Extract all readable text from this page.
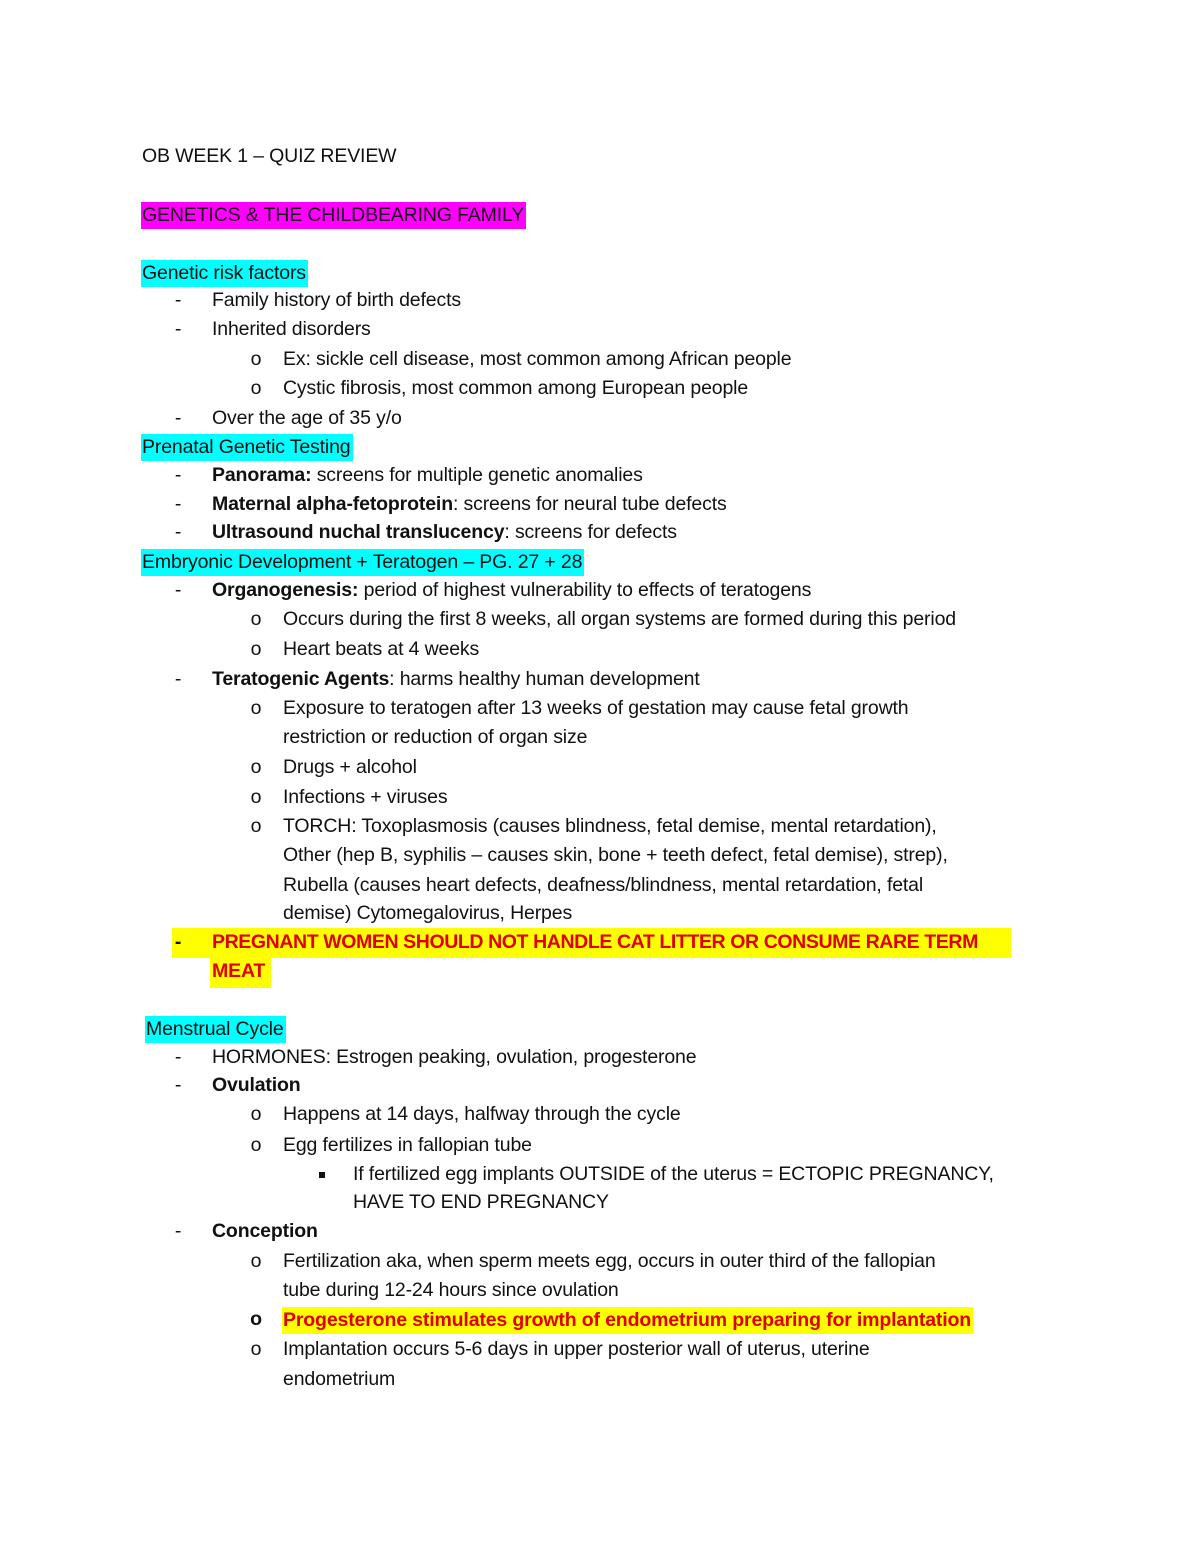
OB WEEK 1 – QUIZ REVIEW
GENETICS & THE CHILDBEARING FAMILY
Genetic risk factors
-	Family history of birth defects
-	Inherited disorders
o Ex: sickle cell disease, most common among African people
o Cystic fibrosis, most common among European people
-	Over the age of 35 y/o
Prenatal Genetic Testing
-	Panorama: screens for multiple genetic anomalies
-	Maternal alpha-fetoprotein: screens for neural tube defects
-	Ultrasound nuchal translucency: screens for defects
Embryonic Development + Teratogen – PG. 27 + 28
-	Organogenesis: period of highest vulnerability to effects of teratogens
o Occurs during the first 8 weeks, all organ systems are formed during this period
o Heart beats at 4 weeks
-	Teratogenic Agents: harms healthy human development
o Exposure to teratogen after 13 weeks of gestation may cause fetal growth
restriction or reduction of organ size
o Drugs + alcohol
o Infections + viruses
o TORCH: Toxoplasmosis (causes blindness, fetal demise, mental retardation),
Other (hep B, syphilis – causes skin, bone + teeth defect, fetal demise), strep),
Rubella (causes heart defects, deafness/blindness, mental retardation, fetal
demise) Cytomegalovirus, Herpes
-	PREGNANT WOMEN SHOULD NOT HANDLE CAT LITTER OR CONSUME RARE TERM
MEAT
Menstrual Cycle
-	HORMONES: Estrogen peaking, ovulation, progesterone
-	Ovulation
o Happens at 14 days, halfway through the cycle
o Egg fertilizes in fallopian tube
If fertilized egg implants OUTSIDE of the uterus = ECTOPIC PREGNANCY,
HAVE TO END PREGNANCY
-	Conception
o Fertilization aka, when sperm meets egg, occurs in outer third of the fallopian
tube during 12-24 hours since ovulation
o Progesterone stimulates growth of endometrium preparing for implantation
o Implantation occurs 5-6 days in upper posterior wall of uterus, uterine
endometrium
